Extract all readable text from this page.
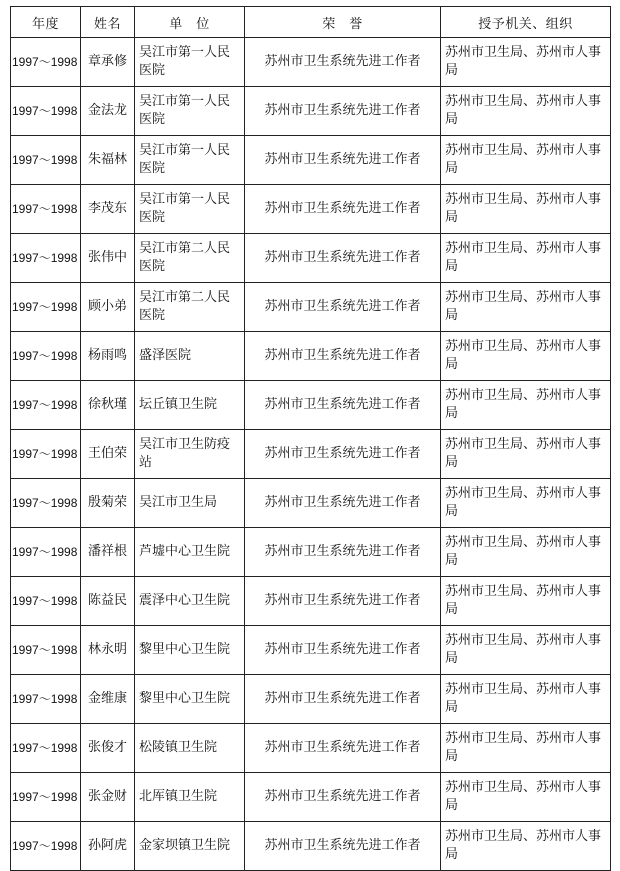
年度	姓名	单　位	荣　誉	授予机关、组织
1997～1998	章承修	吴江市第一人民医院	苏州市卫生系统先进工作者	苏州市卫生局、苏州市人事局
1997～1998	金法龙	吴江市第一人民医院	苏州市卫生系统先进工作者	苏州市卫生局、苏州市人事局
1997～1998	朱福林	吴江市第一人民医院	苏州市卫生系统先进工作者	苏州市卫生局、苏州市人事局
1997～1998	李茂东	吴江市第一人民医院	苏州市卫生系统先进工作者	苏州市卫生局、苏州市人事局
1997～1998	张伟中	吴江市第二人民医院	苏州市卫生系统先进工作者	苏州市卫生局、苏州市人事局
1997～1998	顾小弟	吴江市第二人民医院	苏州市卫生系统先进工作者	苏州市卫生局、苏州市人事局
1997～1998	杨雨鸣	盛泽医院	苏州市卫生系统先进工作者	苏州市卫生局、苏州市人事局
1997～1998	徐秋瑾	坛丘镇卫生院	苏州市卫生系统先进工作者	苏州市卫生局、苏州市人事局
1997～1998	王伯荣	吴江市卫生防疫站	苏州市卫生系统先进工作者	苏州市卫生局、苏州市人事局
1997～1998	殷菊荣	吴江市卫生局	苏州市卫生系统先进工作者	苏州市卫生局、苏州市人事局
1997～1998	潘祥根	芦墟中心卫生院	苏州市卫生系统先进工作者	苏州市卫生局、苏州市人事局
1997～1998	陈益民	震泽中心卫生院	苏州市卫生系统先进工作者	苏州市卫生局、苏州市人事局
1997～1998	林永明	黎里中心卫生院	苏州市卫生系统先进工作者	苏州市卫生局、苏州市人事局
1997～1998	金维康	黎里中心卫生院	苏州市卫生系统先进工作者	苏州市卫生局、苏州市人事局
1997～1998	张俊才	松陵镇卫生院	苏州市卫生系统先进工作者	苏州市卫生局、苏州市人事局
1997～1998	张金财	北厍镇卫生院	苏州市卫生系统先进工作者	苏州市卫生局、苏州市人事局
1997～1998	孙阿虎	金家坝镇卫生院	苏州市卫生系统先进工作者	苏州市卫生局、苏州市人事局
